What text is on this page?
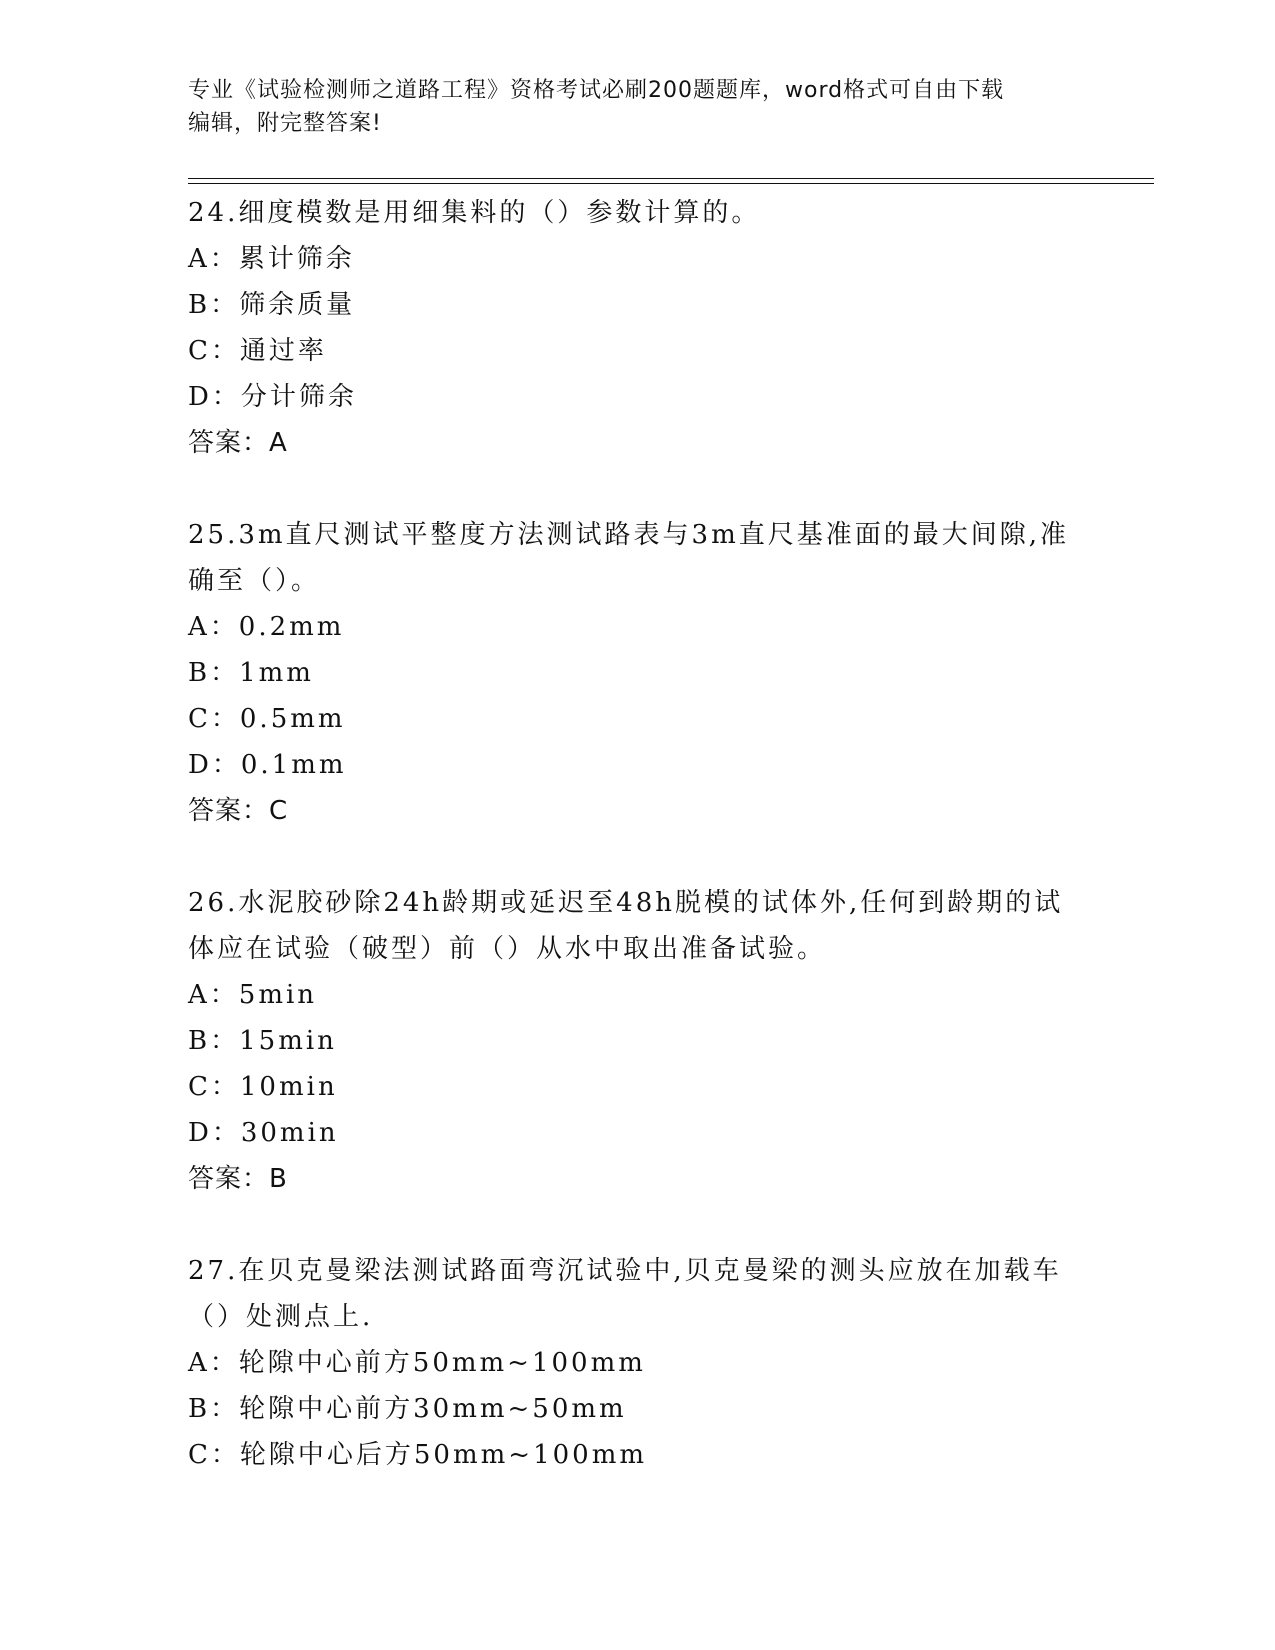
专业《试验检测师之道路工程》资格考试必刷200题题库，word格式可自由下载
编辑，附完整答案!
24.细度模数是用细集料的（）参数计算的。
A：累计筛余
B：筛余质量
C：通过率
D：分计筛余
答案：A
25.3m直尺测试平整度方法测试路表与3m直尺基准面的最大间隙,准确至（）。
A：0.2mm
B：1mm
C：0.5mm
D：0.1mm
答案：C
26.水泥胶砂除24h龄期或延迟至48h脱模的试体外,任何到龄期的试体应在试验（破型）前（）从水中取出准备试验。
A：5min
B：15min
C：10min
D：30min
答案：B
27.在贝克曼梁法测试路面弯沉试验中,贝克曼梁的测头应放在加载车（）处测点上.
A：轮隙中心前方50mm~100mm
B：轮隙中心前方30mm~50mm
C：轮隙中心后方50mm~100mm
